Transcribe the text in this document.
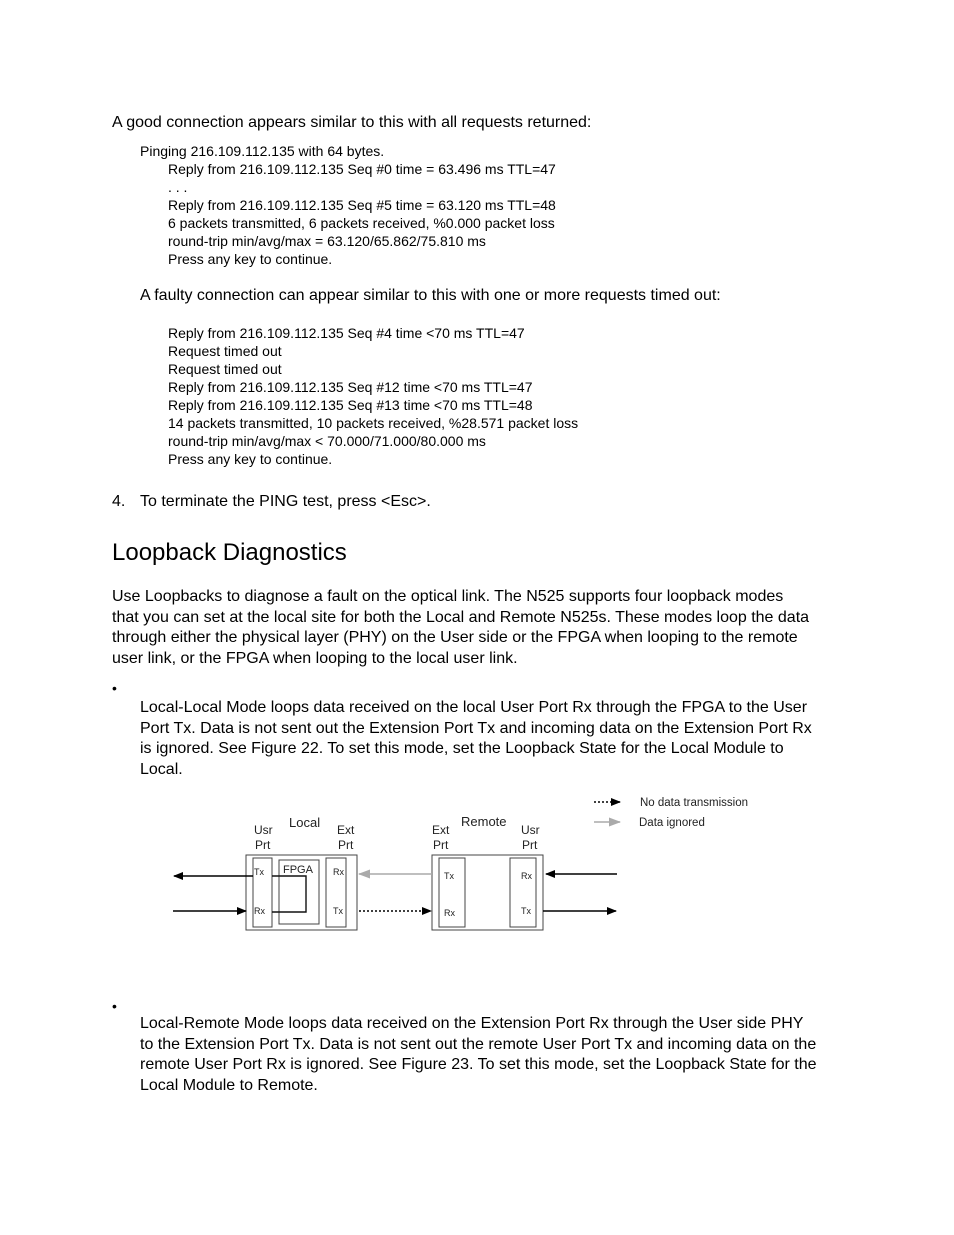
A good connection appears similar to this with all requests returned:
Pinging 216.109.112.135 with 64 bytes.
Reply from 216.109.112.135 Seq #0 time = 63.496 ms TTL=47
. . .
Reply from 216.109.112.135 Seq #5 time = 63.120 ms TTL=48
6 packets transmitted, 6 packets received, %0.000 packet loss
round-trip min/avg/max = 63.120/65.862/75.810 ms
Press any key to continue.
A faulty connection can appear similar to this with one or more requests timed out:
Reply from 216.109.112.135 Seq #4 time <70 ms TTL=47
Request timed out
Request timed out
Reply from 216.109.112.135 Seq #12 time <70 ms TTL=47
Reply from 216.109.112.135 Seq #13 time <70 ms TTL=48
14 packets transmitted, 10 packets received, %28.571 packet loss
round-trip min/avg/max < 70.000/71.000/80.000 ms
Press any key to continue.
4. To terminate the PING test, press <Esc>.
Loopback Diagnostics
Use Loopbacks to diagnose a fault on the optical link. The N525 supports four loopback modes that you can set at the local site for both the Local and Remote N525s. These modes loop the data through either the physical layer (PHY) on the User side or the FPGA when looping to the remote user link, or the FPGA when looping to the local user link.
•
Local-Local Mode loops data received on the local User Port Rx through the FPGA to the User Port Tx. Data is not sent out the Extension Port Tx and incoming data on the Extension Port Rx is ignored. See Figure 22. To set this mode, set the Loopback State for the Local Module to Local.
No data transmission
Data ignored
Local
Usr
Prt
Ext
Prt
FPGA
Tx
Rx
Rx
Tx
Remote
Ext
Prt
Usr
Prt
Tx
Rx
Rx
Tx
•
Local-Remote Mode loops data received on the Extension Port Rx through the User side PHY to the Extension Port Tx. Data is not sent out the remote User Port Tx and incoming data on the remote User Port Rx is ignored. See Figure 23. To set this mode, set the Loopback State for the Local Module to Remote.
